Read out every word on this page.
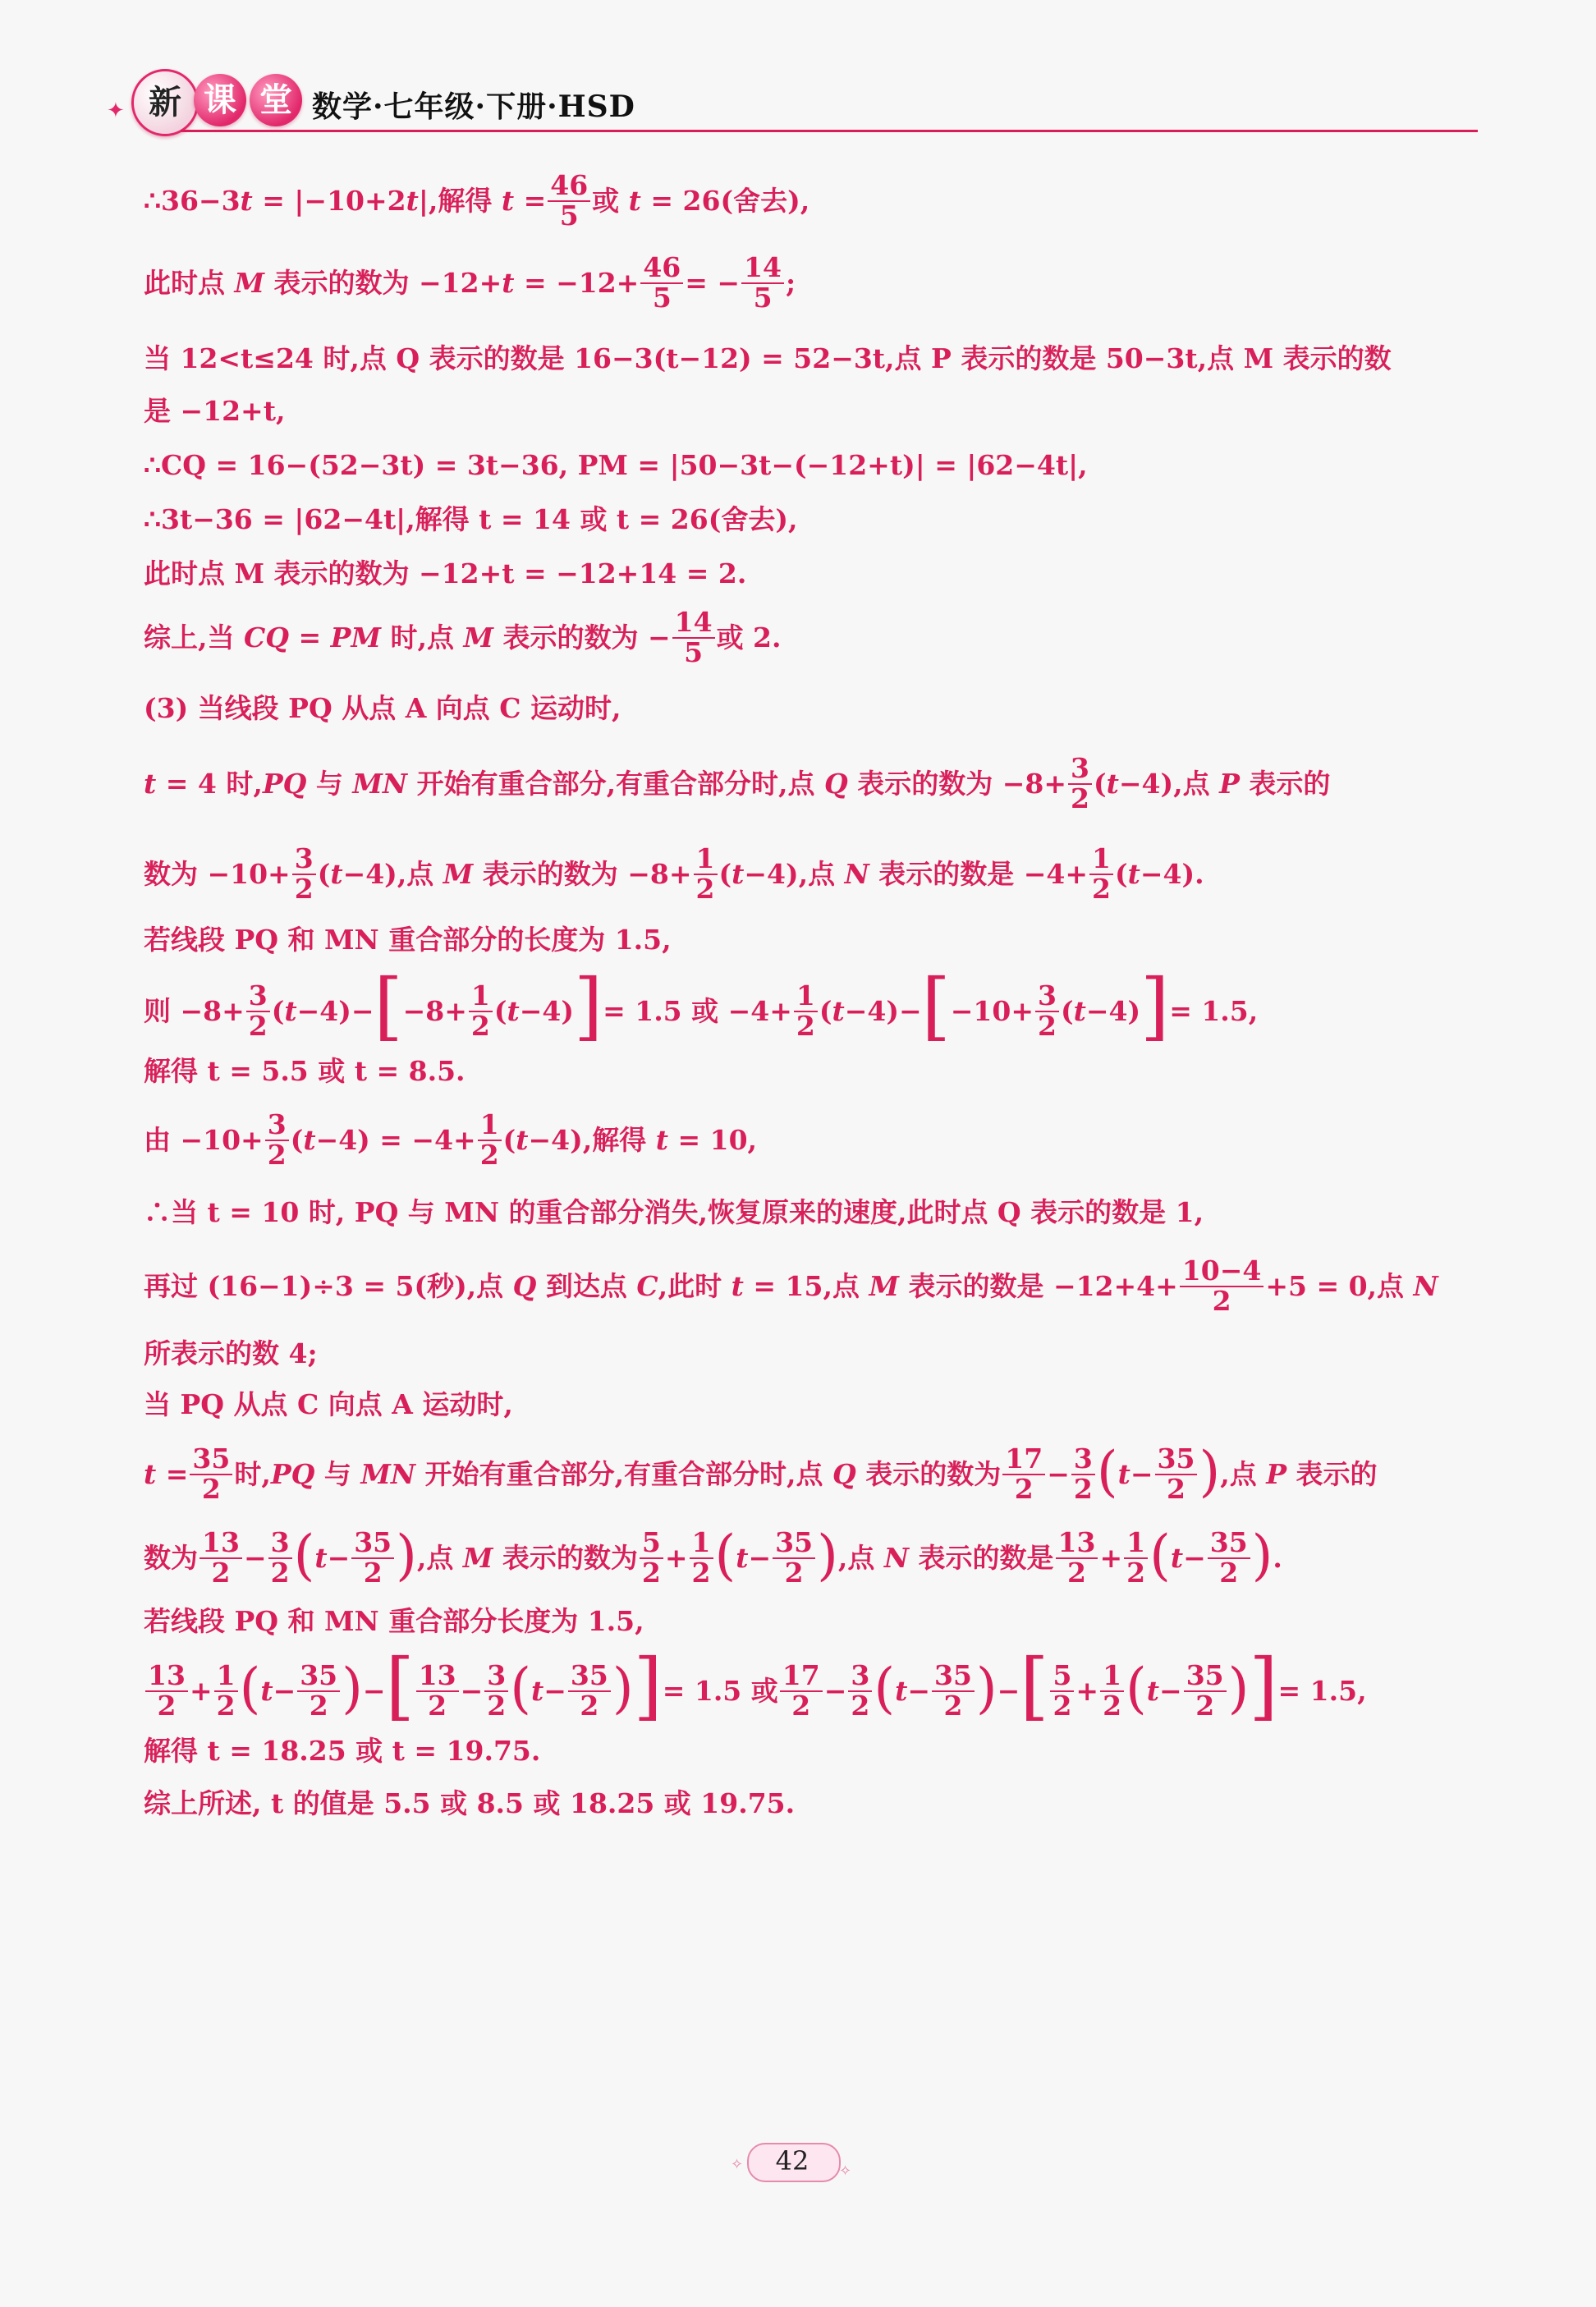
✦ 新 课 堂 数学·七年级·下册·HSD
∴36−3t = |−10+2t|,解得 $t = \frac{46}{5}$ 或 t = 26(舍去),
此时点 M 表示的数为 $-12+t = -12+ \frac{46}{5}$ = − $\frac{14}{5}$ ;
当 12<t≤24 时,点 Q 表示的数是 16−3(t−12) = 52−3t,点 P 表示的数是 50−3t,点 M 表示的数
是 −12+t,
∴CQ = 16−(52−3t) = 3t−36, PM = |50−3t−(−12+t)| = |62−4t|,
∴3t−36 = |62−4t|,解得 t = 14 或 t = 26(舍去),
此时点 M 表示的数为 −12+t = −12+14 = 2.
综上,当 CQ = PM 时,点 M 表示的数为 − $\frac{14}{5}$ 或 2.
(3) 当线段 PQ 从点 A 向点 C 运动时,
t = 4 时,PQ 与 MN 开始有重合部分,有重合部分时,点 Q 表示的数为 $-8+ \frac{3}{2} (t-4)$,点 P 表示的
数为 $-10+ \frac{3}{2} (t-4)$,点 M 表示的数为 $-8+ \frac{1}{2} (t-4)$,点 N 表示的数是 $-4+ \frac{1}{2} (t-4)$.
若线段 PQ 和 MN 重合部分的长度为 1.5,
则 $-8+ \frac{3}{2} (t-4)-$ [ $-8+ \frac{1}{2} (t-4)$ ] = 1.5 或 $-4+ \frac{1}{2} (t-4)-$ [ $-10+ \frac{3}{2} (t-4)$ ] = 1.5,
解得 t = 5.5 或 t = 8.5.
由 $-10+ \frac{3}{2} (t-4) = -4+ \frac{1}{2} (t-4)$,解得 t = 10,
∴当 t = 10 时, PQ 与 MN 的重合部分消失,恢复原来的速度,此时点 Q 表示的数是 1,
再过 (16−1)÷3 = 5(秒),点 Q 到达点 C,此时 t = 15,点 M 表示的数是 $-12+4+ \frac{10-4}{2} +5 = 0$,点 N
所表示的数 4;
当 PQ 从点 C 向点 A 运动时,
$t = \frac{35}{2}$ 时,PQ 与 MN 开始有重合部分,有重合部分时,点 Q 表示的数为 $\frac{17}{2} - \frac{3}{2}$ ( $t- \frac{35}{2}$ ) ,点 P 表示的
数为 $\frac{13}{2} - \frac{3}{2}$ ( $t- \frac{35}{2}$ ) ,点 M 表示的数为 $\frac{5}{2} + \frac{1}{2}$ ( $t- \frac{35}{2}$ ) ,点 N 表示的数是 $\frac{13}{2} + \frac{1}{2}$ ( $t- \frac{35}{2}$ ) .
若线段 PQ 和 MN 重合部分长度为 1.5,
$\frac{13}{2} + \frac{1}{2}$ ( $t- \frac{35}{2}$ ) − [ $\frac{13}{2} - \frac{3}{2}$ ( $t- \frac{35}{2}$ ) ] = 1.5 或 $\frac{17}{2} - \frac{3}{2}$ ( $t- \frac{35}{2}$ ) − [ $\frac{5}{2} + \frac{1}{2}$ ( $t- \frac{35}{2}$ ) ] = 1.5,
解得 t = 18.25 或 t = 19.75.
综上所述, t 的值是 5.5 或 8.5 或 18.25 或 19.75.
42
✧	✧
